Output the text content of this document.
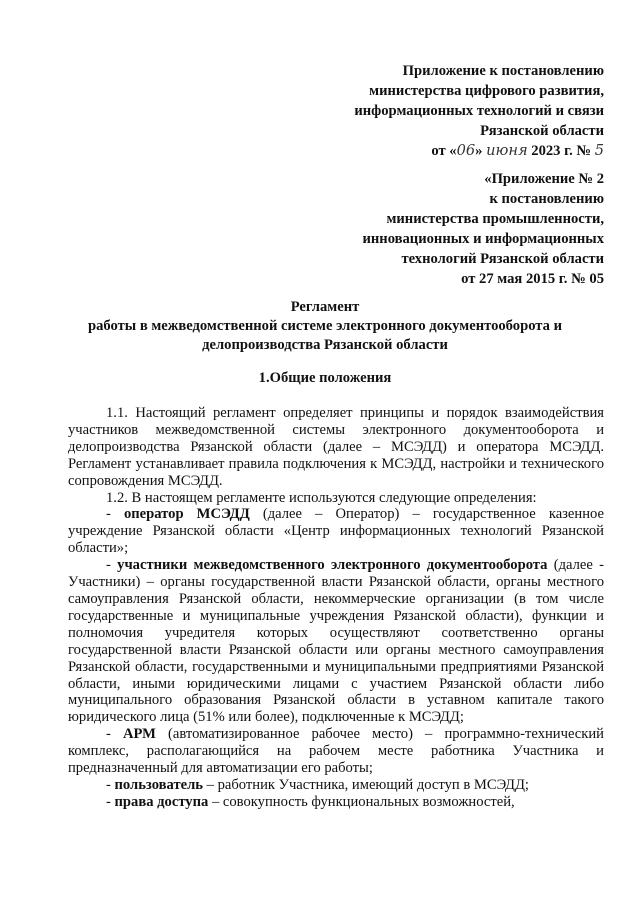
Приложение к постановлению
министерства цифрового развития,
информационных технологий и связи
Рязанской области
от «06» июня 2023 г. № 5
«Приложение № 2
к постановлению
министерства промышленности,
инновационных и информационных
технологий Рязанской области
от 27 мая 2015 г. № 05
Регламент
работы в межведомственной системе электронного документооборота и
делопроизводства Рязанской области
1.Общие положения

1.1. Настоящий регламент определяет принципы и порядок взаимодействия участников межведомственной системы электронного документооборота и делопроизводства Рязанской области (далее – МСЭДД) и оператора МСЭДД. Регламент устанавливает правила подключения к МСЭДД, настройки и технического сопровождения МСЭДД.

1.2. В настоящем регламенте используются следующие определения:

- оператор МСЭДД (далее – Оператор) – государственное казенное учреждение Рязанской области «Центр информационных технологий Рязанской области»;

- участники межведомственного электронного документооборота (далее - Участники) – органы государственной власти Рязанской области, органы местного самоуправления Рязанской области, некоммерческие организации (в том числе государственные и муниципальные учреждения Рязанской области), функции и полномочия учредителя которых осуществляют соответственно органы государственной власти Рязанской области или органы местного самоуправления Рязанской области, государственными и муниципальными предприятиями Рязанской области, иными юридическими лицами с участием Рязанской области либо муниципального образования Рязанской области в уставном капитале такого юридического лица (51% или более), подключенные к МСЭДД;

- АРМ (автоматизированное рабочее место) – программно-технический комплекс, располагающийся на рабочем месте работника Участника и предназначенный для автоматизации его работы;

- пользователь – работник Участника, имеющий доступ в МСЭДД;

- права доступа – совокупность функциональных возможностей,
